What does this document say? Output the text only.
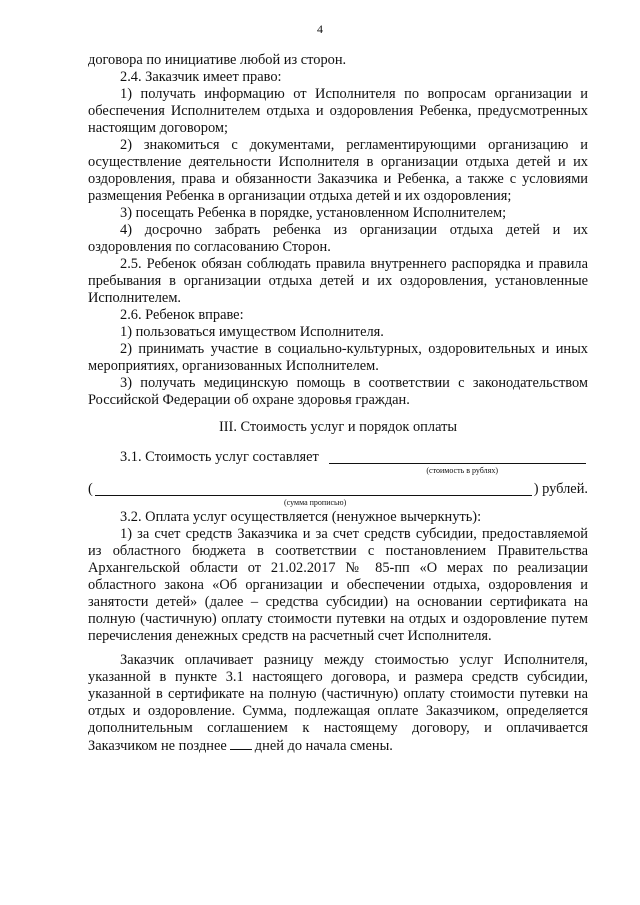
4

договора по инициативе любой из сторон.

2.4. Заказчик имеет право:

1) получать информацию от Исполнителя по вопросам организации и обеспечения Исполнителем отдыха и оздоровления Ребенка, предусмотренных настоящим договором;

2) знакомиться с документами, регламентирующими организацию и осуществление деятельности Исполнителя в организации отдыха детей и их оздоровления, права и обязанности Заказчика и Ребенка, а также с условиями размещения Ребенка в организации отдыха детей и их оздоровления;

3) посещать Ребенка в порядке, установленном Исполнителем;

4) досрочно забрать ребенка из организации отдыха детей и их оздоровления по согласованию Сторон.

2.5. Ребенок обязан соблюдать правила внутреннего распорядка и правила пребывания в организации отдыха детей и их оздоровления, установленные Исполнителем.

2.6. Ребенок вправе:

1) пользоваться имуществом Исполнителя.

2) принимать участие в социально-культурных, оздоровительных и иных мероприятиях, организованных Исполнителем.

3) получать медицинскую помощь в соответствии с законодательством Российской Федерации об охране здоровья граждан.

III. Стоимость услуг и порядок оплаты

3.1. Стоимость услуг составляет
(стоимость в рублях)
(	) рублей.
(сумма прописью)

3.2. Оплата услуг осуществляется (ненужное вычеркнуть):

1) за счет средств Заказчика и за счет средств субсидии, предоставляемой из областного бюджета в соответствии с постановлением Правительства Архангельской области от 21.02.2017 № 85-пп «О мерах по реализации областного закона «Об организации и обеспечении отдыха, оздоровления и занятости детей» (далее – средства субсидии) на основании сертификата на полную (частичную) оплату стоимости путевки на отдых и оздоровление путем перечисления денежных средств на расчетный счет Исполнителя.

Заказчик оплачивает разницу между стоимостью услуг Исполнителя, указанной в пункте 3.1 настоящего договора, и размера средств субсидии, указанной в сертификате на полную (частичную) оплату стоимости путевки на отдых и оздоровление. Сумма, подлежащая оплате Заказчиком, определяется дополнительным соглашением к настоящему договору, и оплачивается Заказчиком не позднее дней до начала смены.
